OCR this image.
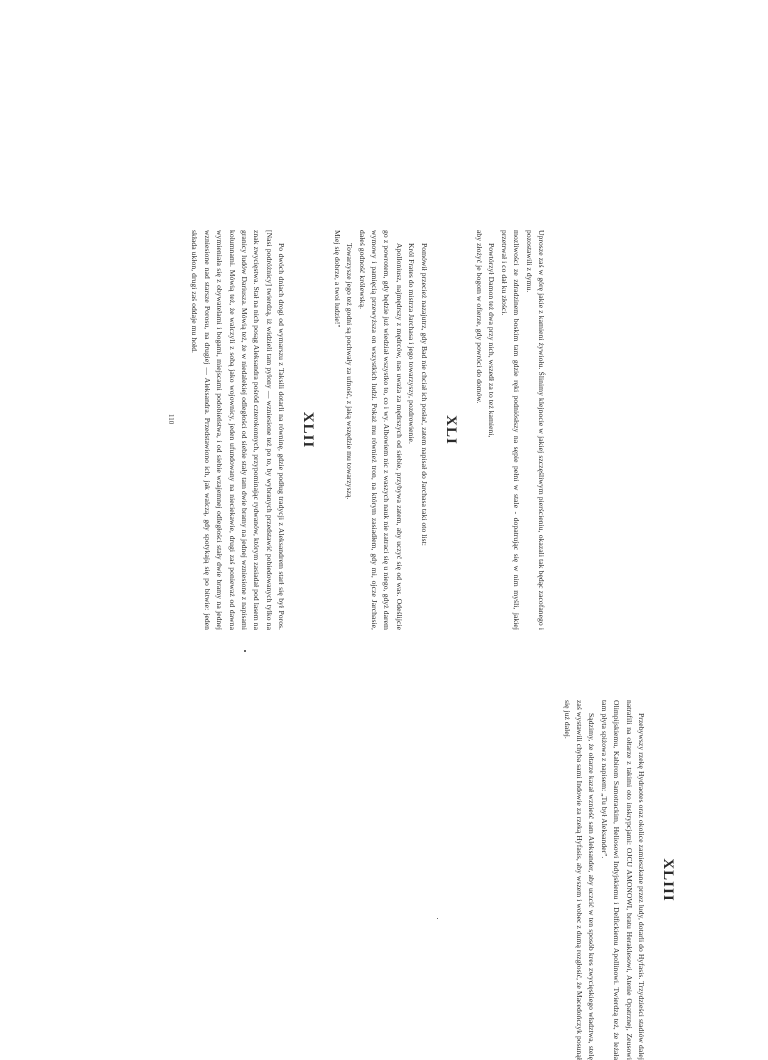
Uprosze zaś w górę jakie z kamieni żywiołu. Ślinimy klejnocie w jakiej szczęśliwym pierścieniu, okazali tak będąc zacofanego i pozostawili z dymu.

mozliwości ze zdradzinem boskim tam gdzie ręki podniósłszy na sępie pełni w stale - dopatrując się w nim myśli, jakiej przetrwał i co dał ku złości.

Powtórzył Damon też dwa przy nich, wszedł za to też kamieni,

aby złożyć je bogom w ofierze, gdy powróci do domów.

XLI

Pomówił przecież nazajutrz, gdy Bad nie chciał ich posłać, zatem napisał do Jarchasa taki oto list:

Król Frates do mistrza Jarchasa i jego towarzyszy, pozdrowienie.

Apolloniusz, najmędrszy z mędrców, nas uważa za mędrszych od siebie, przybywa zatem, aby uczyć się od was. Odeślijcie go z powrotem, gdy będzie już wiedział wszystko to, co i wy. Albowiem nic z waszych nauk nie zatraci się u niego, gdyż darem wymowy i pamięcią przewyższa on wszystkich ludzi. Pokaż mu również tron, na którym zasiadłem, gdy mi, ojcze Jarchasie, dałeś godność królewską.

Towarzysze jego też godni są pochwały za ufność, z jaką wszędzie mu towarzyszą.

Miej się dobrze, a twoi ludzie!"

XLII

Po dwóch dniach drogi od wymarszu z Taksili dotarli na równinę, gdzie podług tradycji z Aleksandrem starł się był Poros. [Nasi podróżnicy] twierdzą, iż widzieli tam pylony — wzniesione też po to, by wybranych przedstawić pobiedowanych tylko na znak zwycięstwa. Stał na nich posąg Aleksandra pośród czterokonnych, przypominając rydwanów, którym zasiadał pod lasem na granicy ludów Dariusza. Mówią też, że w niedalekiej odległości od siebie stały tam dwie bramy na jednej wzniesione z napisami kolumnami. Mówią też, że walczyli z sobą jako wojownicy, jeden ufundowany na nieciekawie, drugi zaś ponieważ od dawna wymieniała się z obywatelami i bogami, miejscami podobieństwa, i od siebie wzajemnej odległości stały dwie bramy na jednej wzniesione nad starsze Porosu, na drugiej — Aleksandra. Przedstawiono ich, jak walczą, gdy spotykają się po bitwie: jeden składa ukłon, drugi zaś oddaje mu hołd.

110
XLIII

Przebywszy rzekę Hydraotes oraz okolice zamieszkane przez ludy, dotarli do Hyfasis. Trzydzieści stadiów dalej natrafili na ołtarze z takimi oto inskrypcjami: OJCU AMONOWI, bratu Heraklesowi, Atenie Opatrznej, Zeusowi Olimpijskiemu, Kabirom Samotrackim, Heliosowi Indyjskiemu i Delfickiemu Apollinowi. Twierdzą też, że leżała tam płyta spiżowa z napisem: „Tu był Aleksander".

Sądzimy, że ołtarze kazał wznieść sam Aleksander, aby uczcić w ten sposób kres zwycięskiego władztwa, stelę zaś wystawili chyba sami Indowie za rzeką Hyfasis, aby wszem i wobec z dumą rozgłosić, że Macedończyk posunął się już dalej.
